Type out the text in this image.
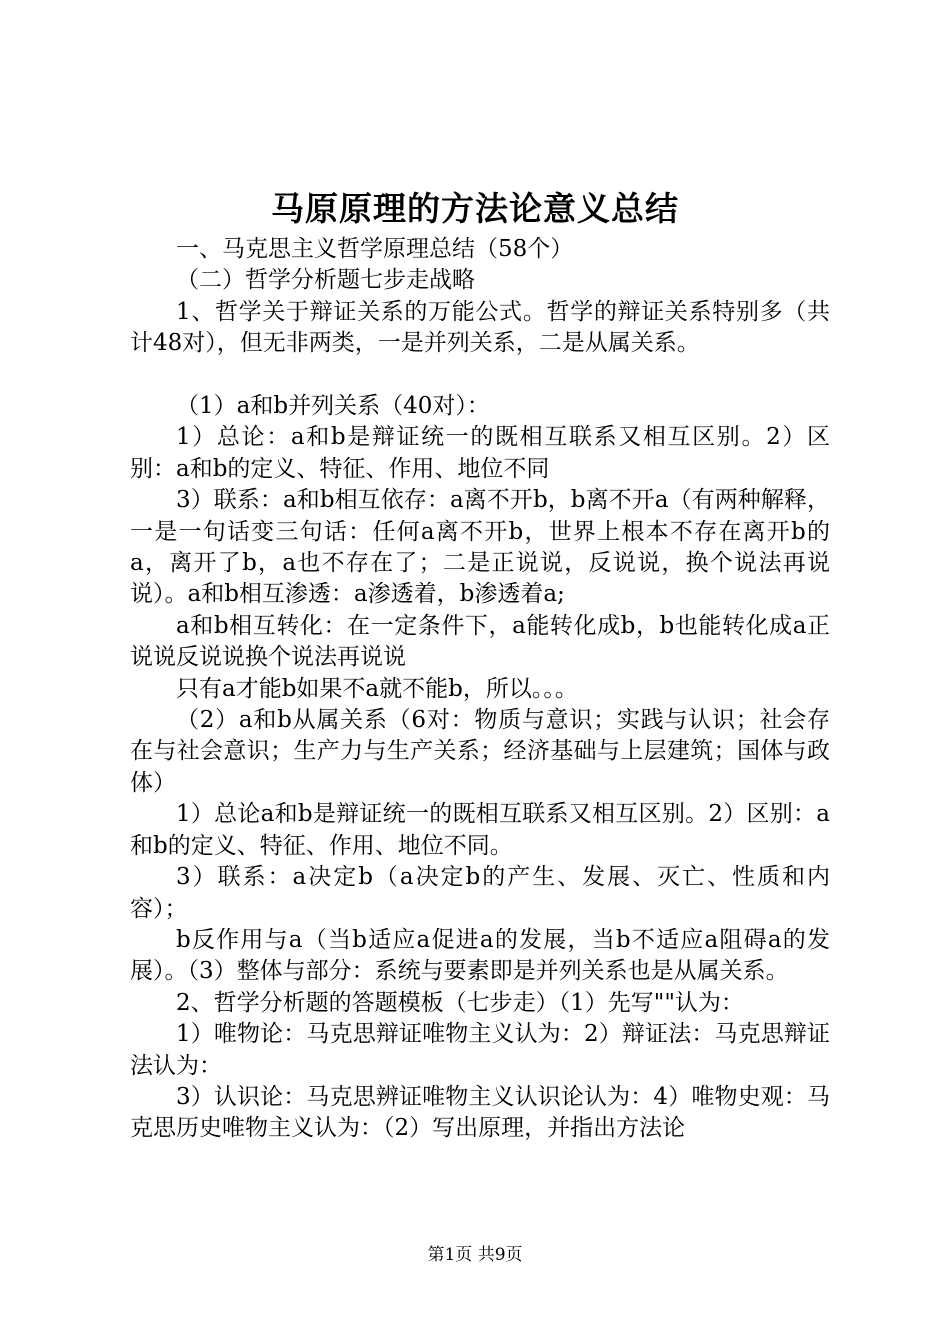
马原原理的方法论意义总结

一、马克思主义哲学原理总结（58个）

（二）哲学分析题七步走战略

1、哲学关于辩证关系的万能公式。哲学的辩证关系特别多（共计48对），但无非两类，一是并列关系，二是从属关系。

（1）a和b并列关系（40对）：

1）总论：a和b是辩证统一的既相互联系又相互区别。2）区别：a和b的定义、特征、作用、地位不同

3）联系：a和b相互依存：a离不开b，b离不开a（有两种解释，一是一句话变三句话：任何a离不开b，世界上根本不存在离开b的a，离开了b，a也不存在了；二是正说说，反说说，换个说法再说说）。a和b相互渗透：a渗透着，b渗透着a;

a和b相互转化：在一定条件下，a能转化成b，b也能转化成a正说说反说说换个说法再说说

只有a才能b如果不a就不能b，所以。。。

（2）a和b从属关系（6对：物质与意识；实践与认识；社会存在与社会意识；生产力与生产关系；经济基础与上层建筑；国体与政体）

1）总论a和b是辩证统一的既相互联系又相互区别。2）区别：a和b的定义、特征、作用、地位不同。

3）联系：a决定b（a决定b的产生、发展、灭亡、性质和内容）；

b反作用与a（当b适应a促进a的发展，当b不适应a阻碍a的发展）。（3）整体与部分：系统与要素即是并列关系也是从属关系。

2、哲学分析题的答题模板（七步走）（1）先写""认为：

1）唯物论：马克思辩证唯物主义认为：2）辩证法：马克思辩证法认为：

3）认识论：马克思辨证唯物主义认识论认为：4）唯物史观：马克思历史唯物主义认为：（2）写出原理，并指出方法论

第1页 共9页
